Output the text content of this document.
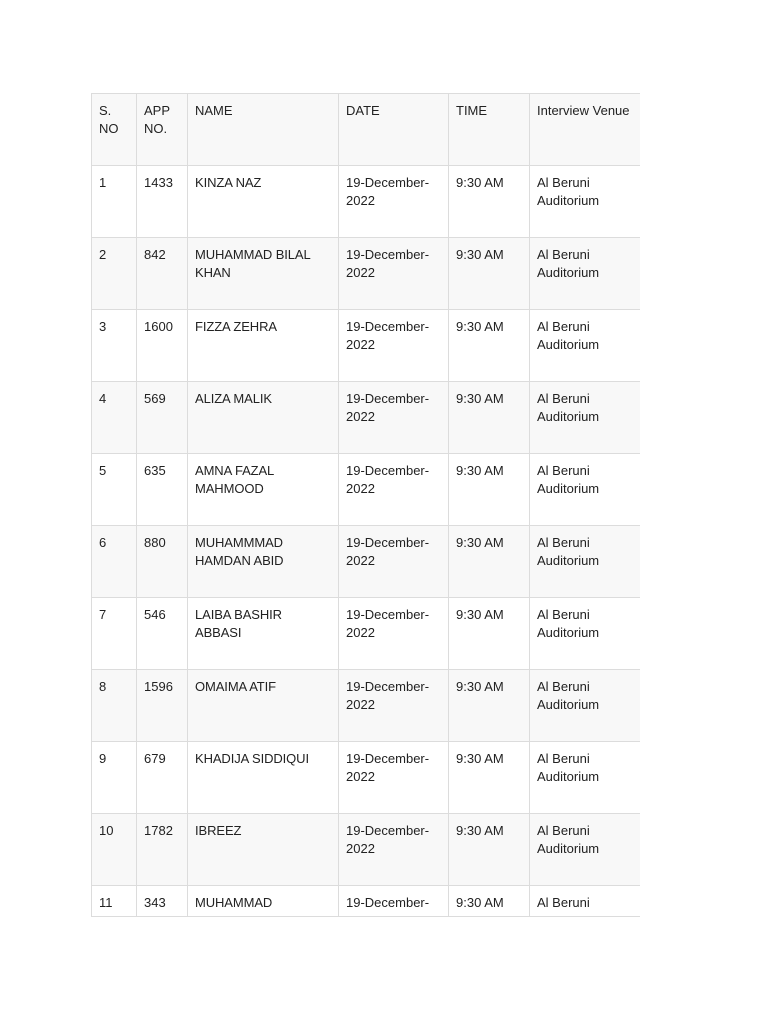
S. NO	APP NO.	NAME	DATE	TIME	Interview Venue
1	1433	KINZA NAZ	19-December-2022	9:30 AM	Al Beruni Auditorium
2	842	MUHAMMAD BILAL KHAN	19-December-2022	9:30 AM	Al Beruni Auditorium
3	1600	FIZZA ZEHRA	19-December-2022	9:30 AM	Al Beruni Auditorium
4	569	ALIZA MALIK	19-December-2022	9:30 AM	Al Beruni Auditorium
5	635	AMNA FAZAL MAHMOOD	19-December-2022	9:30 AM	Al Beruni Auditorium
6	880	MUHAMMMAD HAMDAN ABID	19-December-2022	9:30 AM	Al Beruni Auditorium
7	546	LAIBA BASHIR ABBASI	19-December-2022	9:30 AM	Al Beruni Auditorium
8	1596	OMAIMA ATIF	19-December-2022	9:30 AM	Al Beruni Auditorium
9	679	KHADIJA SIDDIQUI	19-December-2022	9:30 AM	Al Beruni Auditorium
10	1782	IBREEZ	19-December-2022	9:30 AM	Al Beruni Auditorium
11	343	MUHAMMAD	19-December-	9:30 AM	Al Beruni
